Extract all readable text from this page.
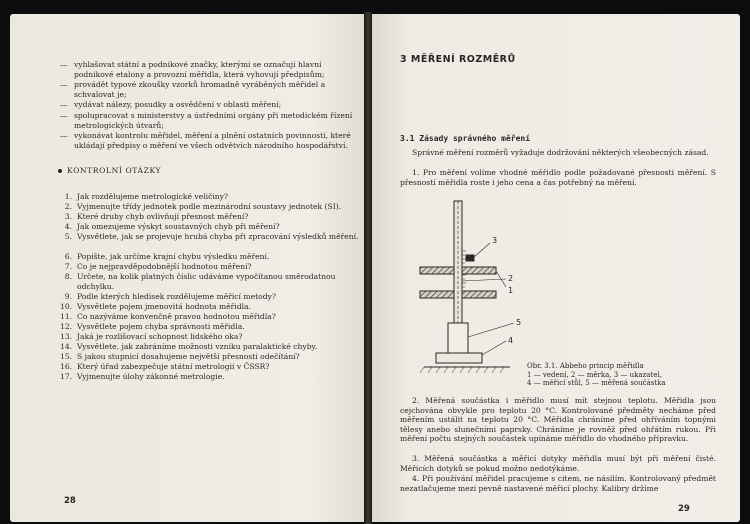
— vyhlašovat státní a podnikové značky, kterými se označují hlavní podnikové etalony a provozní měřidla, která vyhovují předpisům;
— provádět typové zkoušky vzorků hromadně vyráběných měřidel a schvalovat je;
— vydávat nálezy, posudky a osvědčení v oblasti měření;
— spolupracovat s ministerstvy a ústředními orgány při metodickém řízení metrologických útvarů;
— vykonávat kontrolu měřidel, měření a plnění ostatních povinností, které ukládají předpisy o měření ve všech odvětvích národního hospodářství.
KONTROLNÍ OTÁZKY
1. Jak rozdělujeme metrologické veličiny?
2. Vyjmenujte třídy jednotek podle mezinárodní soustavy jednotek (SI).
3. Které druhy chyb ovlivňují přesnost měření?
4. Jak omezujeme výskyt soustavných chyb při měření?
5. Vysvětlete, jak se projevuje hrubá chyba při zpracování výsledků měření.
6. Popište, jak určíme krajní chybu výsledku měření.
7. Co je nejpravděpodobnější hodnotou měření?
8. Určete, na kolik platných číslic udáváme vypočítanou směrodatnou odchylku.
9. Podle kterých hledisek rozdělujeme měřicí metody?
10. Vysvětlete pojem jmenovitá hodnota měřidla.
11. Co nazýváme konvenčně pravou hodnotou měřidla?
12. Vysvětlete pojem chyba správnosti měřidla.
13. Jaká je rozlišovací schopnost lidského oka?
14. Vysvětlete, jak zabráníme možnosti vzniku paralaktické chyby.
15. S jakou stupnicí dosahujeme největší přesnosti odečítání?
16. Který úřad zabezpečuje státní metrologii v ČSSR?
17. Vyjmenujte úlohy zákonné metrologie.
28
3 MĚŘENÍ ROZMĚRŮ
3.1 Zásady správného měření
Správné měření rozměrů vyžaduje dodržování některých všeobecných zásad.
1. Pro měření volíme vhodné měřidlo podle požadované přesnosti měření. S přesností měřidla roste i jeho cena a čas potřebný na měření.
3
2
1
5
4
Obr. 3.1. Abbeho princip měřidla
1 — vedení, 2 — měrka, 3 — ukazatel,
4 — měřicí stůl, 5 — měřená součástka
2. Měřená součástka i měřidlo musí mít stejnou teplotu. Měřidla jsou cejchována obvykle pro teplotu 20 °C. Kontrolované předměty necháme před měřením ustálit na teplotu 20 °C. Měřidla chráníme před ohříváním topnými tělesy anebo slunečními paprsky. Chráníme je rovněž před ohřátím rukou. Při měření počtu stejných součástek upínáme měřidlo do vhodného přípravku.
3. Měřená součástka a měřicí dotyky měřidla musí být při měření čisté. Měřicích dotyků se pokud možno nedotýkáme.
4. Při používání měřidel pracujeme s citem, ne násilím. Kontrolovaný předmět nezatlačujeme mezi pevně nastavené měřicí plochy. Kalibry držíme
29
